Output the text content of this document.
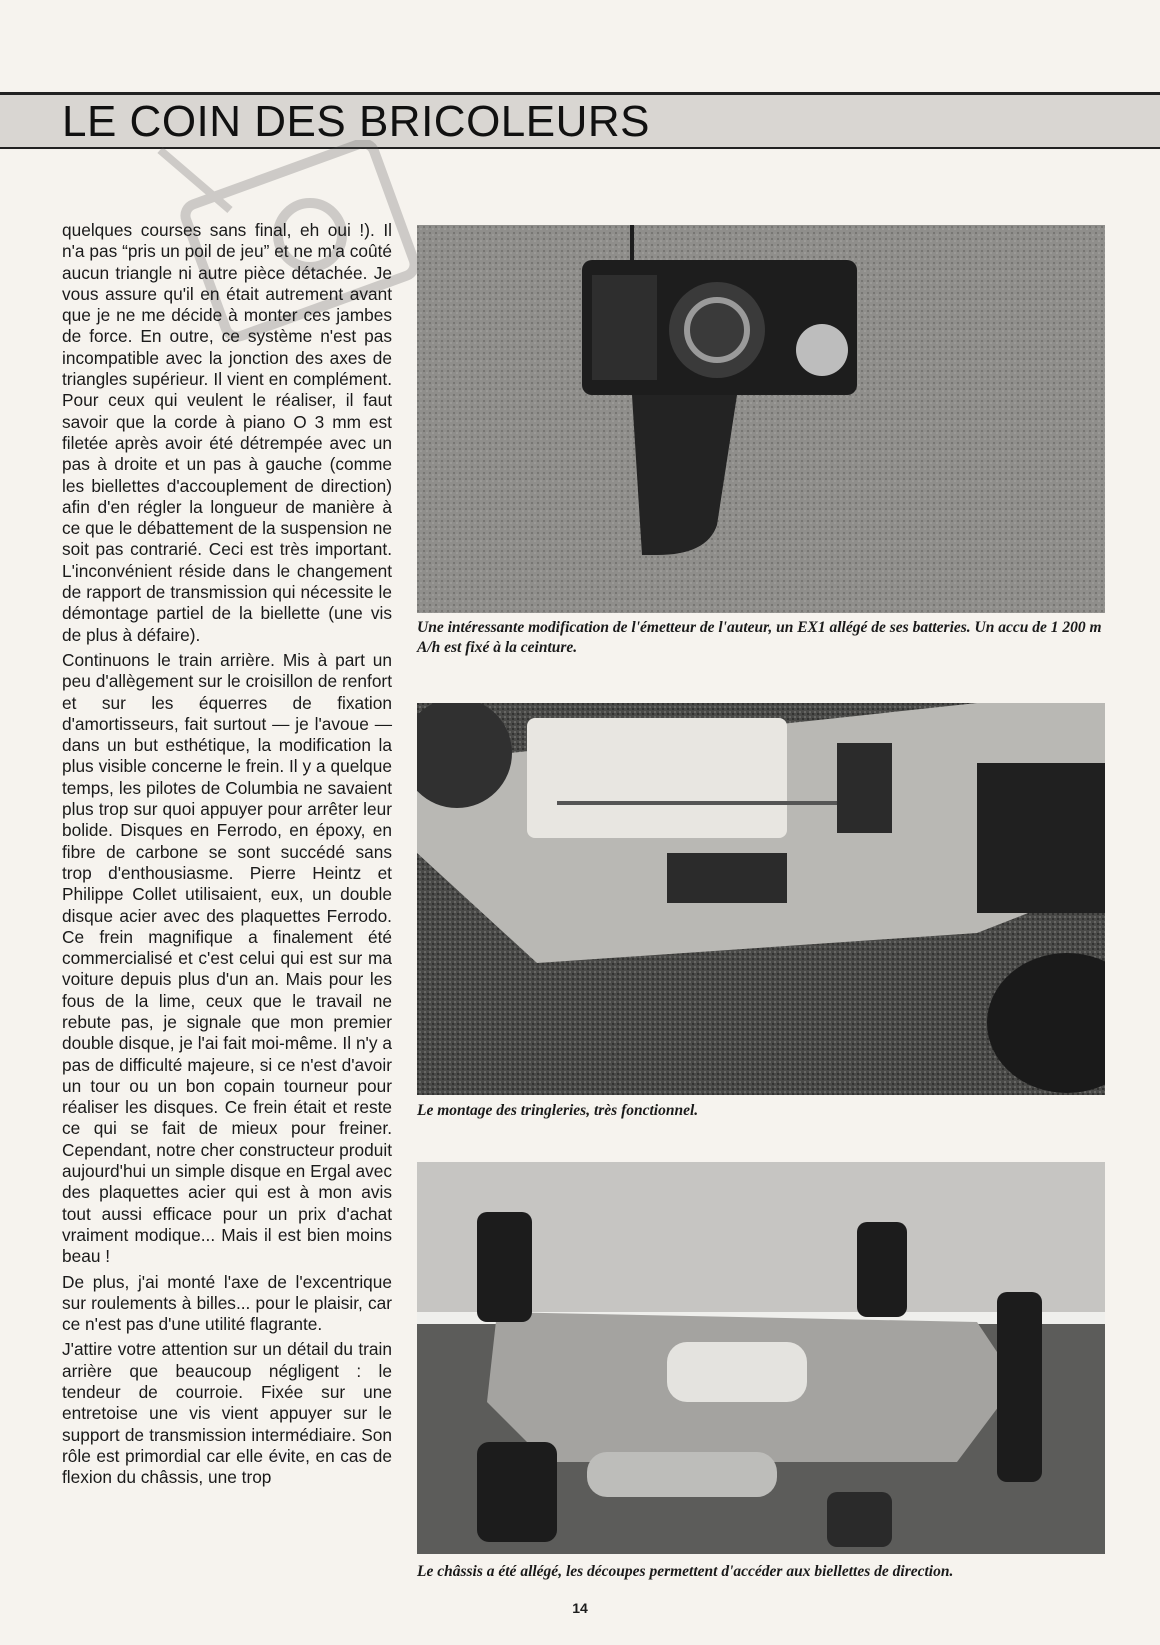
LE COIN DES BRICOLEURS

quelques courses sans final, eh oui !). Il n'a pas “pris un poil de jeu” et ne m'a coûté aucun triangle ni autre pièce détachée. Je vous assure qu'il en était autrement avant que je ne me décide à monter ces jambes de force. En outre, ce système n'est pas incompatible avec la jonction des axes de triangles supérieur. Il vient en complément. Pour ceux qui veulent le réaliser, il faut savoir que la corde à piano O 3 mm est filetée après avoir été détrempée avec un pas à droite et un pas à gauche (comme les biellettes d'accouplement de direction) afin d'en régler la longueur de manière à ce que le débattement de la suspension ne soit pas contrarié. Ceci est très important. L'inconvénient réside dans le changement de rapport de transmission qui nécessite le démontage partiel de la biellette (une vis de plus à défaire).

Continuons le train arrière. Mis à part un peu d'allègement sur le croisillon de renfort et sur les équerres de fixation d'amortisseurs, fait surtout — je l'avoue — dans un but esthétique, la modification la plus visible concerne le frein. Il y a quelque temps, les pilotes de Columbia ne savaient plus trop sur quoi appuyer pour arrêter leur bolide. Disques en Ferrodo, en époxy, en fibre de carbone se sont succédé sans trop d'enthousiasme. Pierre Heintz et Philippe Collet utilisaient, eux, un double disque acier avec des plaquettes Ferrodo. Ce frein magnifique a finalement été commercialisé et c'est celui qui est sur ma voiture depuis plus d'un an. Mais pour les fous de la lime, ceux que le travail ne rebute pas, je signale que mon premier double disque, je l'ai fait moi-même. Il n'y a pas de difficulté majeure, si ce n'est d'avoir un tour ou un bon copain tourneur pour réaliser les disques. Ce frein était et reste ce qui se fait de mieux pour freiner. Cependant, notre cher constructeur produit aujourd'hui un simple disque en Ergal avec des plaquettes acier qui est à mon avis tout aussi efficace pour un prix d'achat vraiment modique... Mais il est bien moins beau !

De plus, j'ai monté l'axe de l'excentrique sur roulements à billes... pour le plaisir, car ce n'est pas d'une utilité flagrante.

J'attire votre attention sur un détail du train arrière que beaucoup négligent : le tendeur de courroie. Fixée sur une entretoise une vis vient appuyer sur le support de transmission intermédiaire. Son rôle est primordial car elle évite, en cas de flexion du châssis, une trop

Une intéressante modification de l'émetteur de l'auteur, un EX1 allégé de ses batteries. Un accu de 1 200 m A/h est fixé à la ceinture.
Le montage des tringleries, très fonctionnel.
Le châssis a été allégé, les découpes permettent d'accéder aux biellettes de direction.
14
